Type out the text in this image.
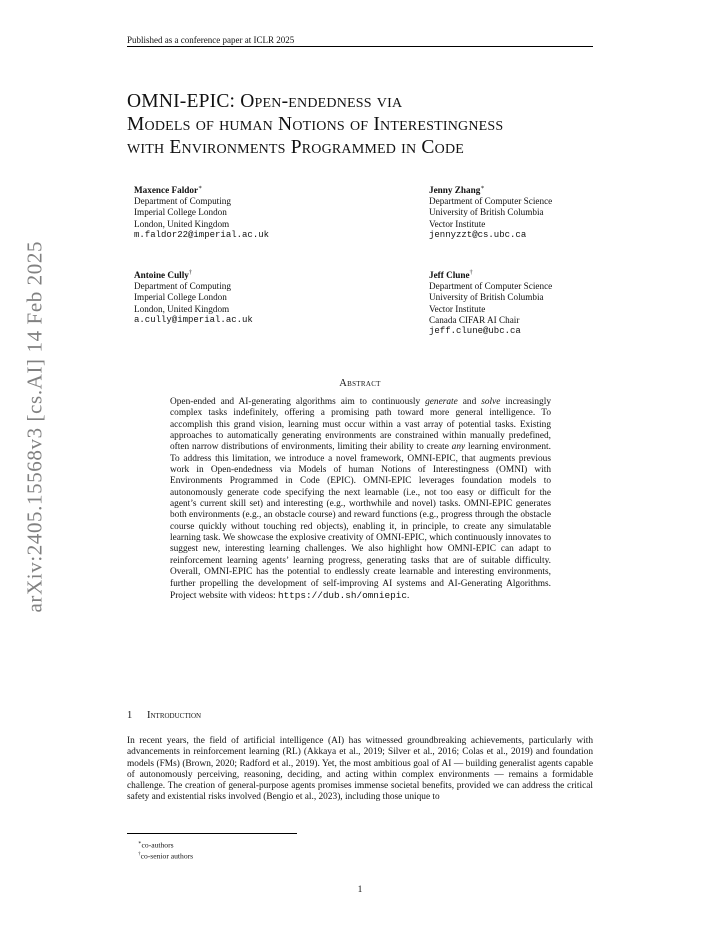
Published as a conference paper at ICLR 2025
OMNI-EPIC: Open-endedness via
Models of human Notions of Interestingness
with Environments Programmed in Code
Maxence Faldor∗
Department of Computing
Imperial College London
London, United Kingdom
m.faldor22@imperial.ac.uk
Jenny Zhang∗
Department of Computer Science
University of British Columbia
Vector Institute
jennyzzt@cs.ubc.ca
Antoine Cully†
Department of Computing
Imperial College London
London, United Kingdom
a.cully@imperial.ac.uk
Jeff Clune†
Department of Computer Science
University of British Columbia
Vector Institute
Canada CIFAR AI Chair
jeff.clune@ubc.ca
arXiv:2405.15568v3 [cs.AI] 14 Feb 2025	Abstract
Open-ended and AI-generating algorithms aim to continuously generate and solve increasingly complex tasks indefinitely, offering a promising path toward more general intelligence. To accomplish this grand vision, learning must occur within a vast array of potential tasks. Existing approaches to automatically generating environments are constrained within manually predefined, often narrow distributions of environments, limiting their ability to create any learning environment. To address this limitation, we introduce a novel framework, OMNI-EPIC, that augments previous work in Open-endedness via Models of human Notions of Interestingness (OMNI) with Environments Programmed in Code (EPIC). OMNI-EPIC leverages foundation models to autonomously generate code specifying the next learnable (i.e., not too easy or difficult for the agent’s current skill set) and interesting (e.g., worthwhile and novel) tasks. OMNI-EPIC generates both environments (e.g., an obstacle course) and reward functions (e.g., progress through the obstacle course quickly without touching red objects), enabling it, in principle, to create any simulatable learning task. We showcase the explosive creativity of OMNI-EPIC, which continuously innovates to suggest new, interesting learning challenges. We also highlight how OMNI-EPIC can adapt to reinforcement learning agents’ learning progress, generating tasks that are of suitable difficulty. Overall, OMNI-EPIC has the potential to endlessly create learnable and interesting environments, further propelling the development of self-improving AI systems and AI-Generating Algorithms. Project website with videos: https://dub.sh/omniepic.
1 Introduction
In recent years, the field of artificial intelligence (AI) has witnessed groundbreaking achievements, particularly with advancements in reinforcement learning (RL) (Akkaya et al., 2019; Silver et al., 2016; Colas et al., 2019) and foundation models (FMs) (Brown, 2020; Radford et al., 2019). Yet, the most ambitious goal of AI — building generalist agents capable of autonomously perceiving, reasoning, deciding, and acting within complex environments — remains a formidable challenge. The creation of general-purpose agents promises immense societal benefits, provided we can address the critical safety and existential risks involved (Bengio et al., 2023), including those unique to
∗co-authors
†co-senior authors
1
